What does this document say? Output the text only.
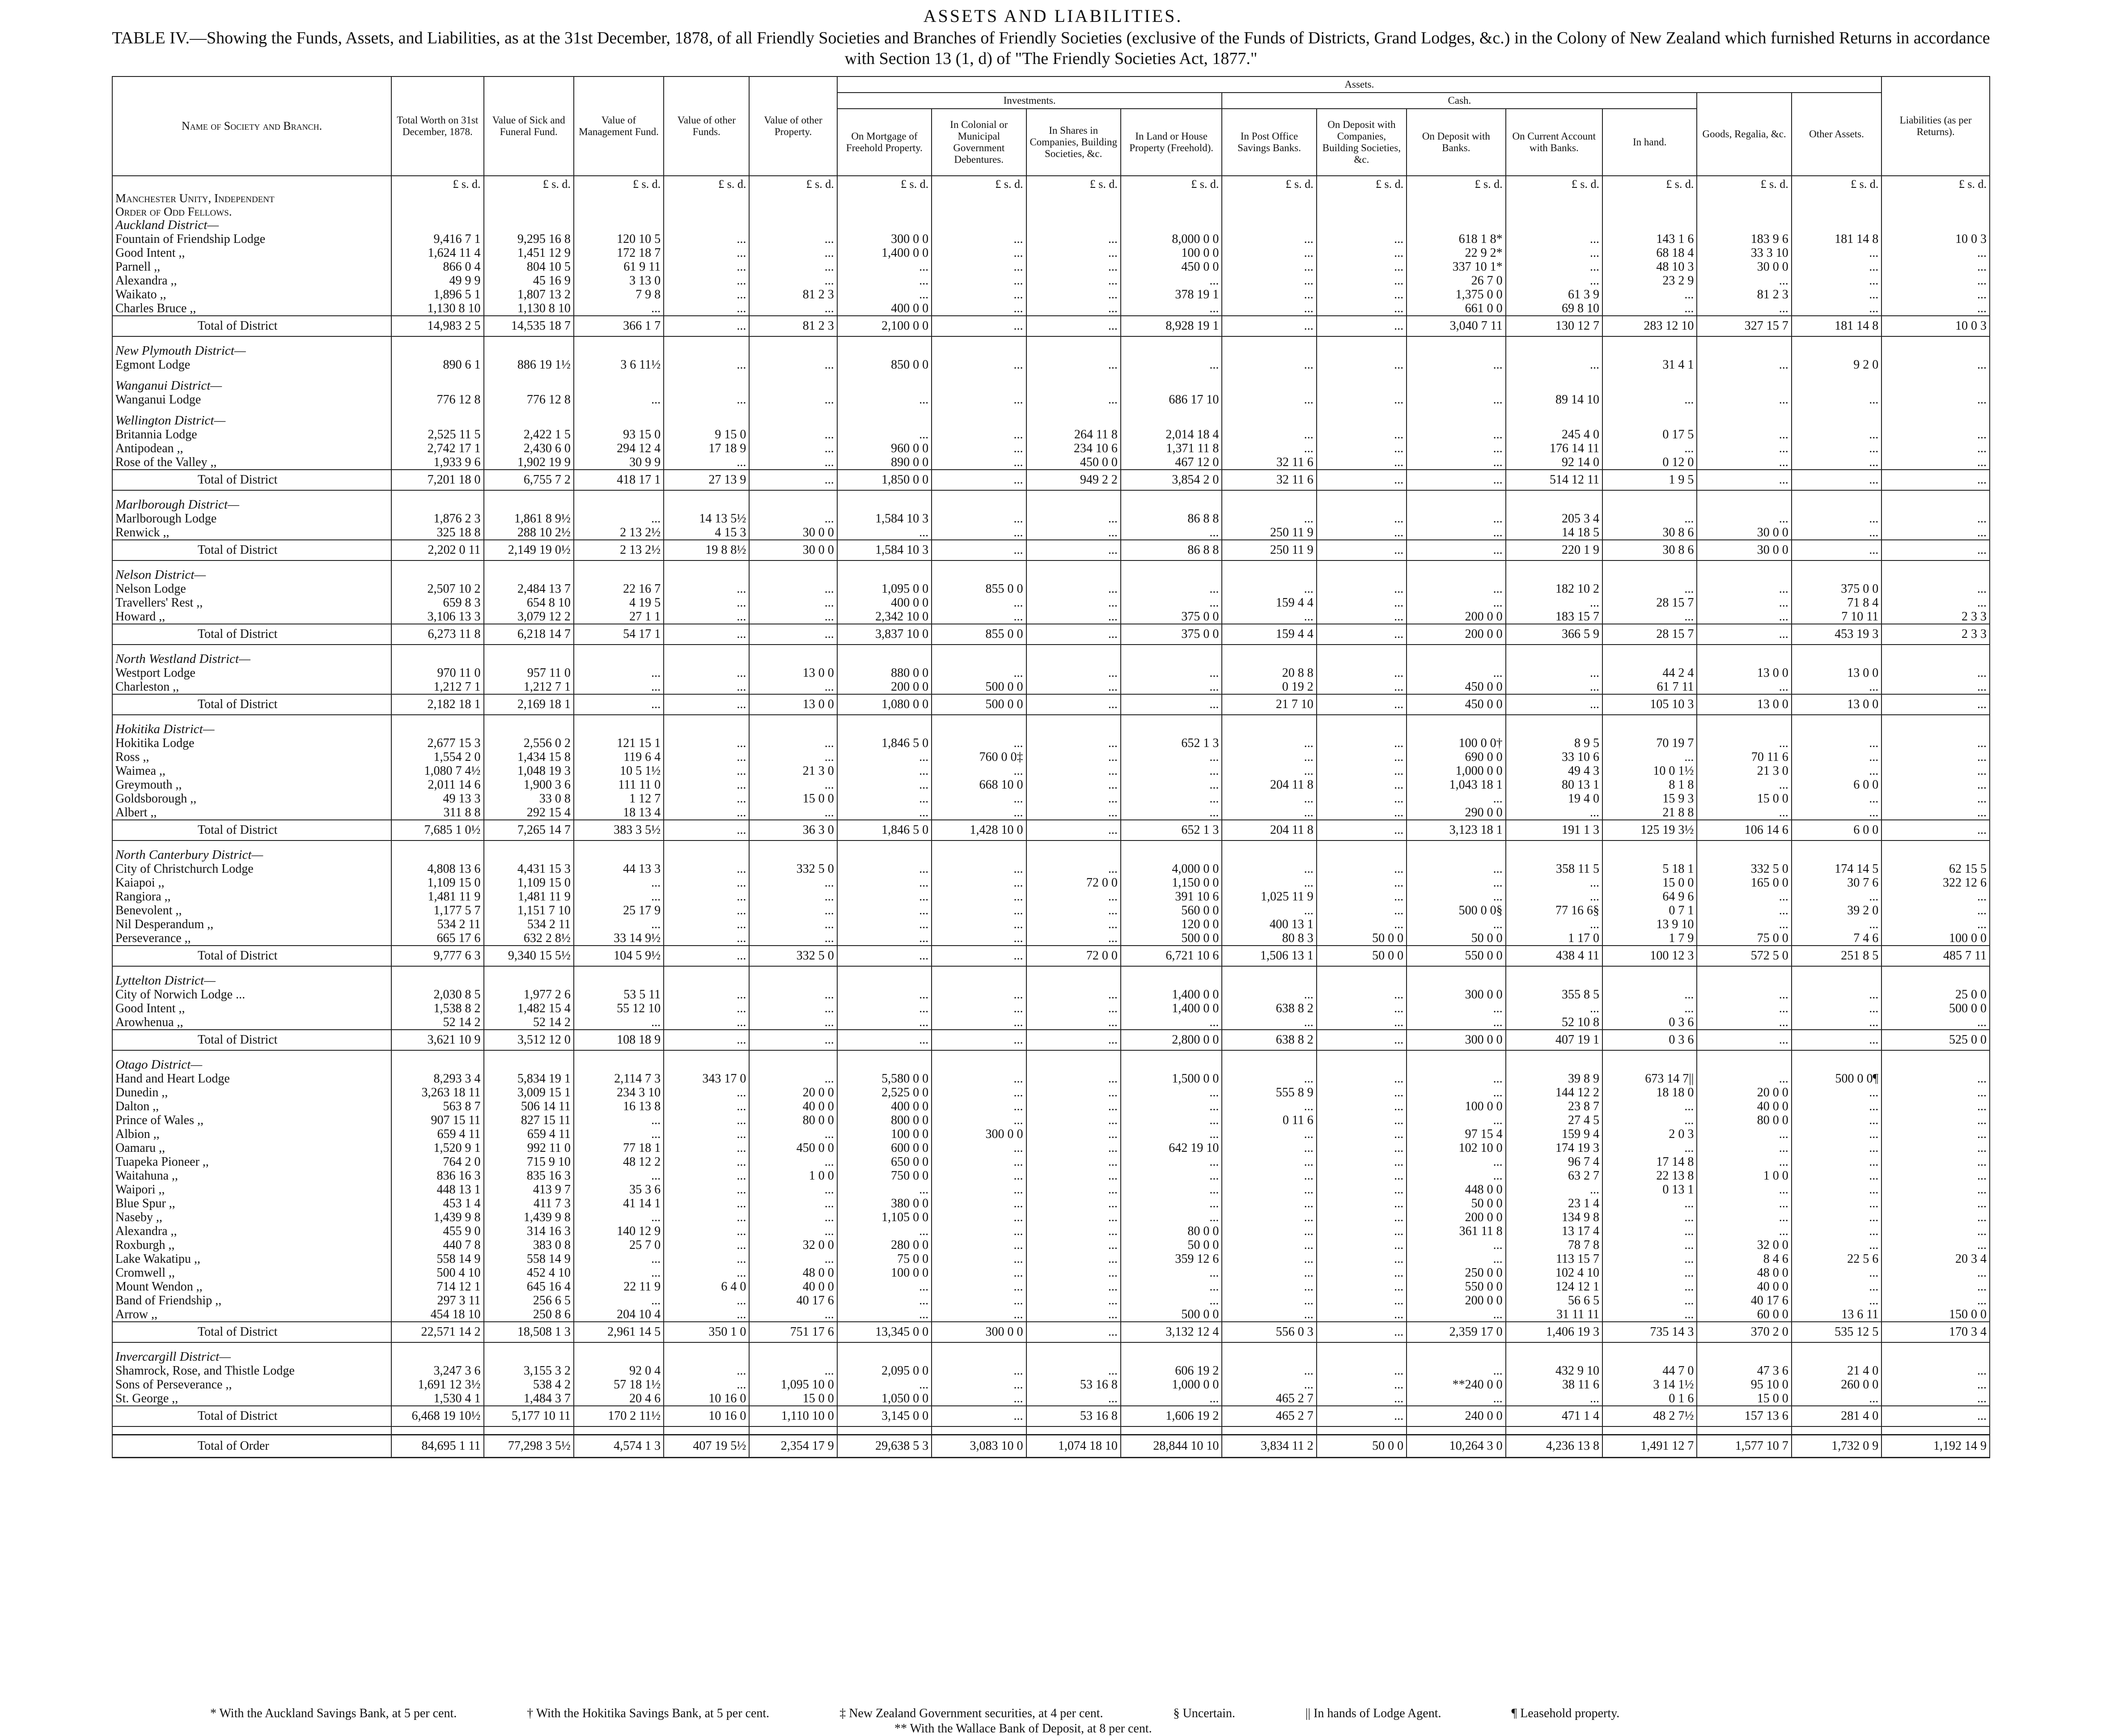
ASSETS AND LIABILITIES.
TABLE IV.—Showing the Funds, Assets, and Liabilities, as at the 31st December, 1878, of all Friendly Societies and Branches of Friendly Societies (exclusive of the Funds of Districts, Grand Lodges, &c.) in the Colony of New Zealand which furnished Returns in accordance with Section 13 (1, d) of "The Friendly Societies Act, 1877."
Name of Society and Branch.	Total Worth on 31st December, 1878.	Value of Sick and Funeral Fund.	Value of Management Fund.	Value of other Funds.	Value of other Property.	Assets.											Liabilities (as per Returns).
						Investments.				Cash.					Goods, Regalia, &c.	Other Assets.	
						On Mortgage of Freehold Property.	In Colonial or Municipal Government Debentures.	In Shares in Companies, Building Societies, &c.	In Land or House Property (Freehold).	In Post Office Savings Banks.	On Deposit with Companies, Building Societies, &c.	On Deposit with Banks.	On Current Account with Banks.	In hand.			
	£ s. d.	£ s. d.	£ s. d.	£ s. d.	£ s. d.	£ s. d.	£ s. d.	£ s. d.	£ s. d.	£ s. d.	£ s. d.	£ s. d.	£ s. d.	£ s. d.	£ s. d.	£ s. d.	£ s. d.
Manchester Unity, Independent																	
Order of Odd Fellows.																	
Auckland District—																	
Fountain of Friendship Lodge	9,416 7 1	9,295 16 8	120 10 5	...	...	300 0 0	...	...	8,000 0 0	...	...	618 1 8*	...	143 1 6	183 9 6	181 14 8	10 0 3
Good Intent ,,	1,624 11 4	1,451 12 9	172 18 7	...	...	1,400 0 0	...	...	100 0 0	...	...	22 9 2*	...	68 18 4	33 3 10	...	...
Parnell ,,	866 0 4	804 10 5	61 9 11	...	...	...	...	...	450 0 0	...	...	337 10 1*	...	48 10 3	30 0 0	...	...
Alexandra ,,	49 9 9	45 16 9	3 13 0	...	...	...	...	...	...	...	...	26 7 0	...	23 2 9	...	...	...
Waikato ,,	1,896 5 1	1,807 13 2	7 9 8	...	81 2 3	...	...	...	378 19 1	...	...	1,375 0 0	61 3 9	...	81 2 3	...	...
Charles Bruce ,,	1,130 8 10	1,130 8 10	...	...	...	400 0 0	...	...	...	...	...	661 0 0	69 8 10	...	...	...	...
Total of District	14,983 2 5	14,535 18 7	366 1 7	...	81 2 3	2,100 0 0	...	...	8,928 19 1	...	...	3,040 7 11	130 12 7	283 12 10	327 15 7	181 14 8	10 0 3

New Plymouth District—																	
Egmont Lodge	890 6 1	886 19 1½	3 6 11½	...	...	850 0 0	...	...	...	...	...	...	...	31 4 1	...	9 2 0	...

Wanganui District—																	
Wanganui Lodge	776 12 8	776 12 8	...	...	...	...	...	...	686 17 10	...	...	...	89 14 10	...	...	...	...

Wellington District—																	
Britannia Lodge	2,525 11 5	2,422 1 5	93 15 0	9 15 0	...	...	...	264 11 8	2,014 18 4	...	...	...	245 4 0	0 17 5	...	...	...
Antipodean ,,	2,742 17 1	2,430 6 0	294 12 4	17 18 9	...	960 0 0	...	234 10 6	1,371 11 8	...	...	...	176 14 11	...	...	...	...
Rose of the Valley ,,	1,933 9 6	1,902 19 9	30 9 9	...	...	890 0 0	...	450 0 0	467 12 0	32 11 6	...	...	92 14 0	0 12 0	...	...	...
Total of District	7,201 18 0	6,755 7 2	418 17 1	27 13 9	...	1,850 0 0	...	949 2 2	3,854 2 0	32 11 6	...	...	514 12 11	1 9 5	...	...	...

Marlborough District—																	
Marlborough Lodge	1,876 2 3	1,861 8 9½	...	14 13 5½	...	1,584 10 3	...	...	86 8 8	...	...	...	205 3 4	...	...	...	...
Renwick ,,	325 18 8	288 10 2½	2 13 2½	4 15 3	30 0 0	...	...	...	...	250 11 9	...	...	14 18 5	30 8 6	30 0 0	...	...
Total of District	2,202 0 11	2,149 19 0½	2 13 2½	19 8 8½	30 0 0	1,584 10 3	...	...	86 8 8	250 11 9	...	...	220 1 9	30 8 6	30 0 0	...	...

Nelson District—																	
Nelson Lodge	2,507 10 2	2,484 13 7	22 16 7	...	...	1,095 0 0	855 0 0	...	...	...	...	...	182 10 2	...	...	375 0 0	...
Travellers' Rest ,,	659 8 3	654 8 10	4 19 5	...	...	400 0 0	...	...	...	159 4 4	...	...	...	28 15 7	...	71 8 4	...
Howard ,,	3,106 13 3	3,079 12 2	27 1 1	...	...	2,342 10 0	...	...	375 0 0	...	...	200 0 0	183 15 7	...	...	7 10 11	2 3 3
Total of District	6,273 11 8	6,218 14 7	54 17 1	...	...	3,837 10 0	855 0 0	...	375 0 0	159 4 4	...	200 0 0	366 5 9	28 15 7	...	453 19 3	2 3 3

North Westland District—																	
Westport Lodge	970 11 0	957 11 0	...	...	13 0 0	880 0 0	...	...	...	20 8 8	...	...	...	44 2 4	13 0 0	13 0 0	...
Charleston ,,	1,212 7 1	1,212 7 1	...	...	...	200 0 0	500 0 0	...	...	0 19 2	...	450 0 0	...	61 7 11	...	...	...
Total of District	2,182 18 1	2,169 18 1	...	...	13 0 0	1,080 0 0	500 0 0	...	...	21 7 10	...	450 0 0	...	105 10 3	13 0 0	13 0 0	...

Hokitika District—																	
Hokitika Lodge	2,677 15 3	2,556 0 2	121 15 1	...	...	1,846 5 0	...	...	652 1 3	...	...	100 0 0†	8 9 5	70 19 7	...	...	...
Ross ,,	1,554 2 0	1,434 15 8	119 6 4	...	...	...	760 0 0‡	...	...	...	...	690 0 0	33 10 6	...	70 11 6	...	...
Waimea ,,	1,080 7 4½	1,048 19 3	10 5 1½	...	21 3 0	...	...	...	...	...	...	1,000 0 0	49 4 3	10 0 1½	21 3 0	...	...
Greymouth ,,	2,011 14 6	1,900 3 6	111 11 0	...	...	...	668 10 0	...	...	204 11 8	...	1,043 18 1	80 13 1	8 1 8	...	6 0 0	...
Goldsborough ,,	49 13 3	33 0 8	1 12 7	...	15 0 0	...	...	...	...	...	...	...	19 4 0	15 9 3	15 0 0	...	...
Albert ,,	311 8 8	292 15 4	18 13 4	...	...	...	...	...	...	...	...	290 0 0	...	21 8 8	...	...	...
Total of District	7,685 1 0½	7,265 14 7	383 3 5½	...	36 3 0	1,846 5 0	1,428 10 0	...	652 1 3	204 11 8	...	3,123 18 1	191 1 3	125 19 3½	106 14 6	6 0 0	...

North Canterbury District—																	
City of Christchurch Lodge	4,808 13 6	4,431 15 3	44 13 3	...	332 5 0	...	...	...	4,000 0 0	...	...	...	358 11 5	5 18 1	332 5 0	174 14 5	62 15 5
Kaiapoi ,,	1,109 15 0	1,109 15 0	...	...	...	...	...	72 0 0	1,150 0 0	...	...	...	...	15 0 0	165 0 0	30 7 6	322 12 6
Rangiora ,,	1,481 11 9	1,481 11 9	...	...	...	...	...	...	391 10 6	1,025 11 9	...	...	...	64 9 6	...	...	...
Benevolent ,,	1,177 5 7	1,151 7 10	25 17 9	...	...	...	...	...	560 0 0	...	...	500 0 0§	77 16 6§	0 7 1	...	39 2 0	...
Nil Desperandum ,,	534 2 11	534 2 11	...	...	...	...	...	...	120 0 0	400 13 1	...	...	...	13 9 10	...	...	...
Perseverance ,,	665 17 6	632 2 8½	33 14 9½	...	...	...	...	...	500 0 0	80 8 3	50 0 0	50 0 0	1 17 0	1 7 9	75 0 0	7 4 6	100 0 0
Total of District	9,777 6 3	9,340 15 5½	104 5 9½	...	332 5 0	...	...	72 0 0	6,721 10 6	1,506 13 1	50 0 0	550 0 0	438 4 11	100 12 3	572 5 0	251 8 5	485 7 11

Lyttelton District—																	
City of Norwich Lodge ...	2,030 8 5	1,977 2 6	53 5 11	...	...	...	...	...	1,400 0 0	...	...	300 0 0	355 8 5	...	...	...	25 0 0
Good Intent ,,	1,538 8 2	1,482 15 4	55 12 10	...	...	...	...	...	1,400 0 0	638 8 2	...	...	...	...	...	...	500 0 0
Arowhenua ,,	52 14 2	52 14 2	...	...	...	...	...	...	...	...	...	...	52 10 8	0 3 6	...	...	...
Total of District	3,621 10 9	3,512 12 0	108 18 9	...	...	...	...	...	2,800 0 0	638 8 2	...	300 0 0	407 19 1	0 3 6	...	...	525 0 0

Otago District—																	
Hand and Heart Lodge	8,293 3 4	5,834 19 1	2,114 7 3	343 17 0	...	5,580 0 0	...	...	1,500 0 0	...	...	...	39 8 9	673 14 7||	...	500 0 0¶	...
Dunedin ,,	3,263 18 11	3,009 15 1	234 3 10	...	20 0 0	2,525 0 0	...	...	...	555 8 9	...	...	144 12 2	18 18 0	20 0 0	...	...
Dalton ,,	563 8 7	506 14 11	16 13 8	...	40 0 0	400 0 0	...	...	...	...	...	100 0 0	23 8 7	...	40 0 0	...	...
Prince of Wales ,,	907 15 11	827 15 11	...	...	80 0 0	800 0 0	...	...	...	0 11 6	...	...	27 4 5	...	80 0 0	...	...
Albion ,,	659 4 11	659 4 11	...	...	...	100 0 0	300 0 0	...	...	...	...	97 15 4	159 9 4	2 0 3	...	...	...
Oamaru ,,	1,520 9 1	992 11 0	77 18 1	...	450 0 0	600 0 0	...	...	642 19 10	...	...	102 10 0	174 19 3	...	...	...	...
Tuapeka Pioneer ,,	764 2 0	715 9 10	48 12 2	...	...	650 0 0	...	...	...	...	...	...	96 7 4	17 14 8	...	...	...
Waitahuna ,,	836 16 3	835 16 3	...	...	1 0 0	750 0 0	...	...	...	...	...	...	63 2 7	22 13 8	1 0 0	...	...
Waipori ,,	448 13 1	413 9 7	35 3 6	...	...	...	...	...	...	...	...	448 0 0	...	0 13 1	...	...	...
Blue Spur ,,	453 1 4	411 7 3	41 14 1	...	...	380 0 0	...	...	...	...	...	50 0 0	23 1 4	...	...	...	...
Naseby ,,	1,439 9 8	1,439 9 8	...	...	...	1,105 0 0	...	...	...	...	...	200 0 0	134 9 8	...	...	...	...
Alexandra ,,	455 9 0	314 16 3	140 12 9	...	...	...	...	...	80 0 0	...	...	361 11 8	13 17 4	...	...	...	...
Roxburgh ,,	440 7 8	383 0 8	25 7 0	...	32 0 0	280 0 0	...	...	50 0 0	...	...	...	78 7 8	...	32 0 0	...	...
Lake Wakatipu ,,	558 14 9	558 14 9	...	...	...	75 0 0	...	...	359 12 6	...	...	...	113 15 7	...	8 4 6	22 5 6	20 3 4
Cromwell ,,	500 4 10	452 4 10	...	...	48 0 0	100 0 0	...	...	...	...	...	250 0 0	102 4 10	...	48 0 0	...	...
Mount Wendon ,,	714 12 1	645 16 4	22 11 9	6 4 0	40 0 0	...	...	...	...	...	...	550 0 0	124 12 1	...	40 0 0	...	...
Band of Friendship ,,	297 3 11	256 6 5	...	...	40 17 6	...	...	...	...	...	...	200 0 0	56 6 5	...	40 17 6	...	...
Arrow ,,	454 18 10	250 8 6	204 10 4	...	...	...	...	...	500 0 0	...	...	...	31 11 11	...	60 0 0	13 6 11	150 0 0
Total of District	22,571 14 2	18,508 1 3	2,961 14 5	350 1 0	751 17 6	13,345 0 0	300 0 0	...	3,132 12 4	556 0 3	...	2,359 17 0	1,406 19 3	735 14 3	370 2 0	535 12 5	170 3 4

Invercargill District—																	
Shamrock, Rose, and Thistle Lodge	3,247 3 6	3,155 3 2	92 0 4	...	...	2,095 0 0	...	...	606 19 2	...	...	...	432 9 10	44 7 0	47 3 6	21 4 0	...
Sons of Perseverance ,,	1,691 12 3½	538 4 2	57 18 1½	...	1,095 10 0	...	...	53 16 8	1,000 0 0	...	...	**240 0 0	38 11 6	3 14 1½	95 10 0	260 0 0	...
St. George ,,	1,530 4 1	1,484 3 7	20 4 6	10 16 0	15 0 0	1,050 0 0	...	...	...	465 2 7	...	...	...	0 1 6	15 0 0	...	...
Total of District	6,468 19 10½	5,177 10 11	170 2 11½	10 16 0	1,110 10 0	3,145 0 0	...	53 16 8	1,606 19 2	465 2 7	...	240 0 0	471 1 4	48 2 7½	157 13 6	281 4 0	...

Total of Order	84,695 1 11	77,298 3 5½	4,574 1 3	407 19 5½	2,354 17 9	29,638 5 3	3,083 10 0	1,074 18 10	28,844 10 10	3,834 11 2	50 0 0	10,264 3 0	4,236 13 8	1,491 12 7	1,577 10 7	1,732 0 9	1,192 14 9
* With the Auckland Savings Bank, at 5 per cent.	† With the Hokitika Savings Bank, at 5 per cent.	‡ New Zealand Government securities, at 4 per cent.	§ Uncertain.	|| In hands of Lodge Agent.	¶ Leasehold property.
** With the Wallace Bank of Deposit, at 8 per cent.
